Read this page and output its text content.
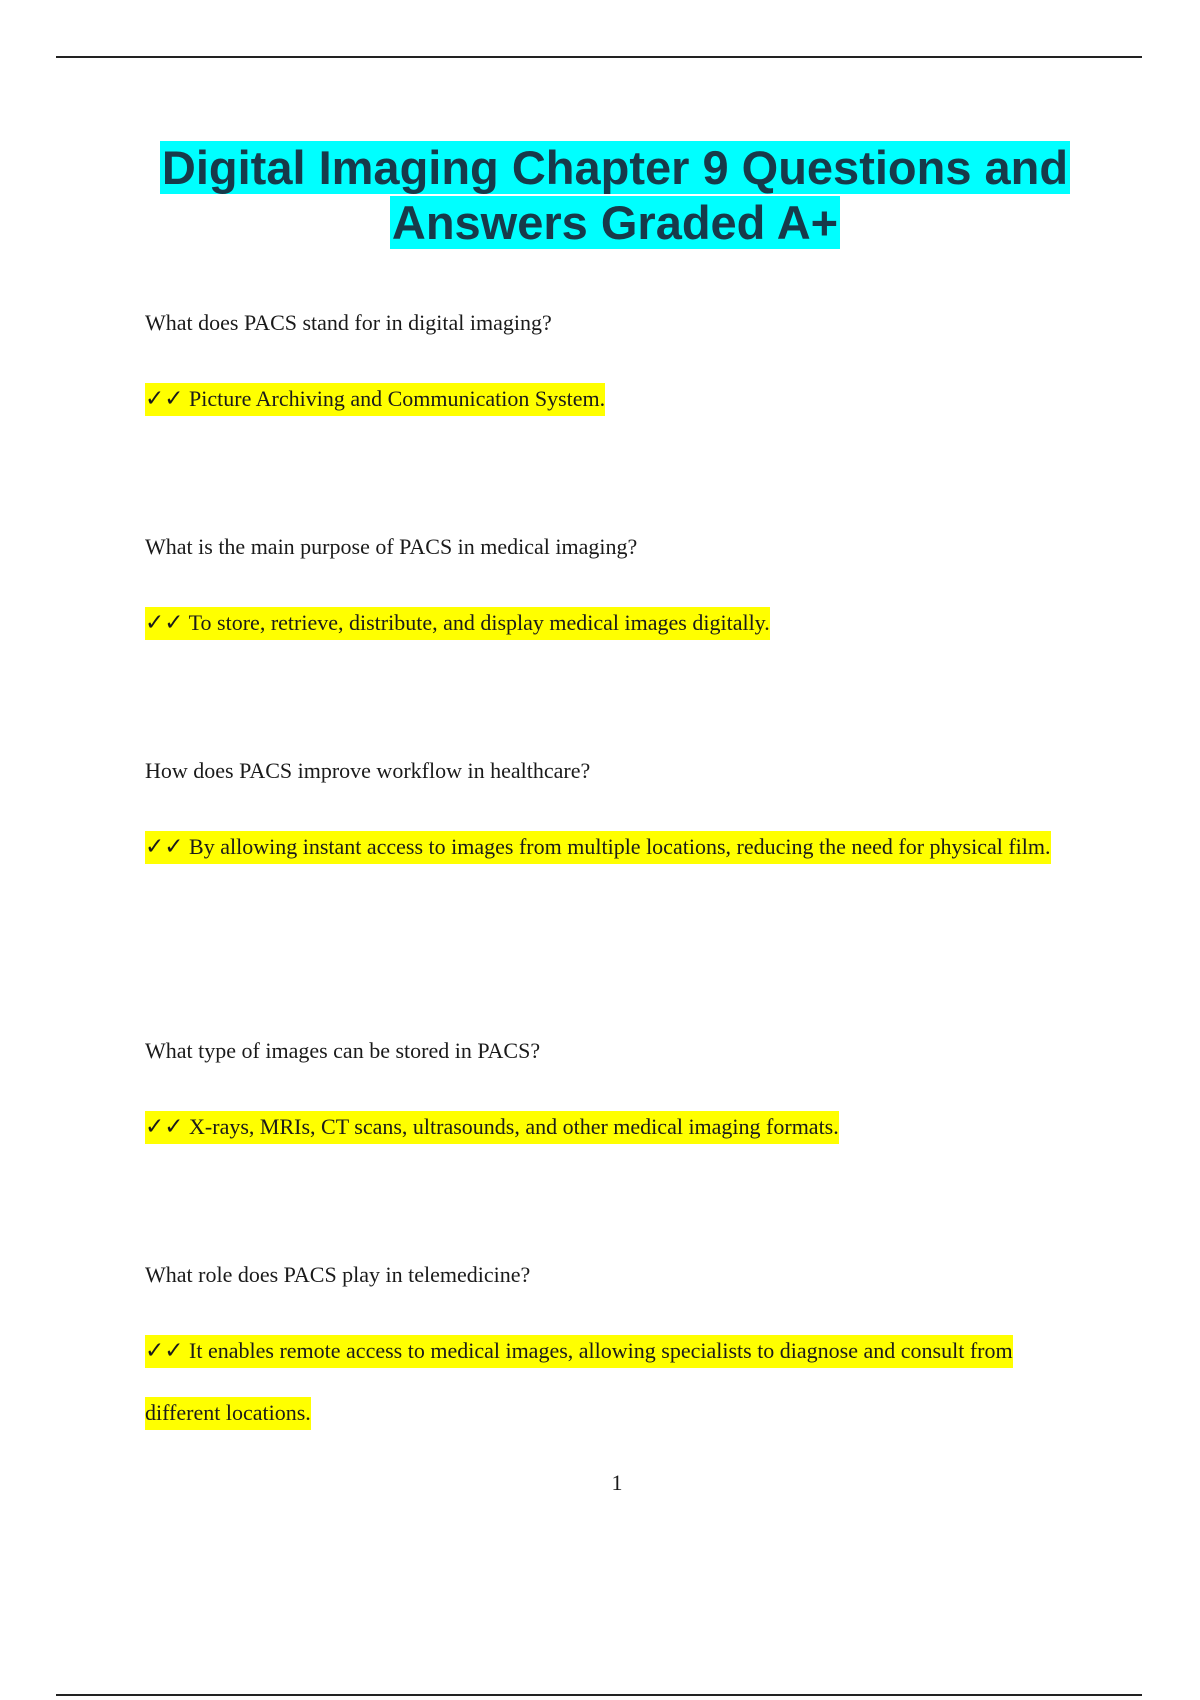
Digital Imaging Chapter 9 Questions and
Answers Graded A+

What does PACS stand for in digital imaging?

✓✓ Picture Archiving and Communication System.

What is the main purpose of PACS in medical imaging?

✓✓ To store, retrieve, distribute, and display medical images digitally.

How does PACS improve workflow in healthcare?

✓✓ By allowing instant access to images from multiple locations, reducing the need for physical film.

What type of images can be stored in PACS?

✓✓ X-rays, MRIs, CT scans, ultrasounds, and other medical imaging formats.

What role does PACS play in telemedicine?

✓✓ It enables remote access to medical images, allowing specialists to diagnose and consult from different locations.

1
